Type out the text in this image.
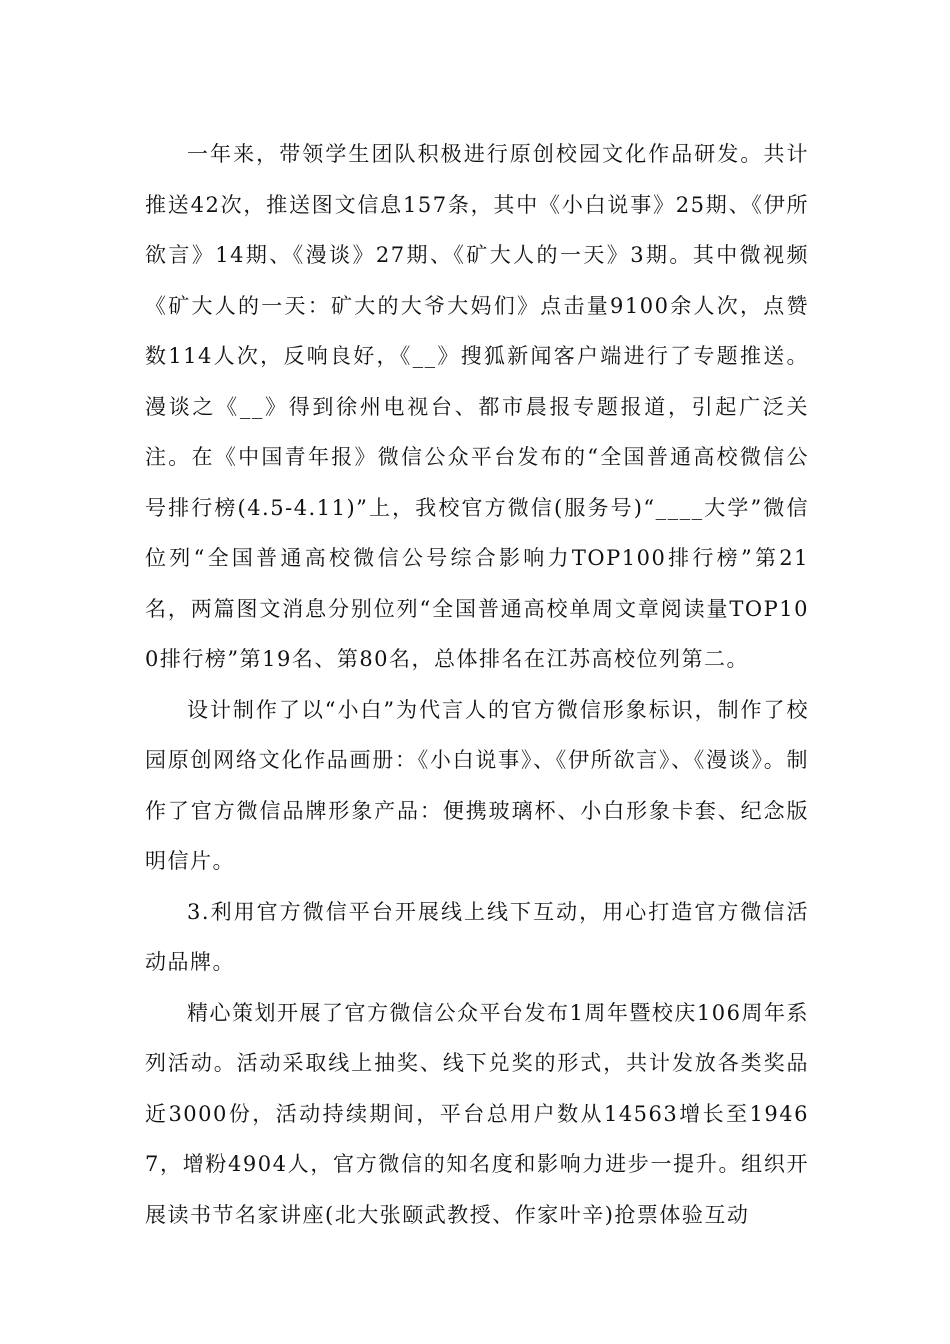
一年来，带领学生团队积极进行原创校园文化作品研发。共计推送42次，推送图文信息157条，其中《小白说事》25期、《伊所欲言》14期、《漫谈》27期、《矿大人的一天》3期。其中微视频《矿大人的一天：矿大的大爷大妈们》点击量9100余人次，点赞数114人次，反响良好，《__》搜狐新闻客户端进行了专题推送。漫谈之《__》得到徐州电视台、都市晨报专题报道，引起广泛关注。在《中国青年报》微信公众平台发布的“全国普通高校微信公号排行榜(4.5-4.11)”上，我校官方微信(服务号)“____大学”微信位列“全国普通高校微信公号综合影响力TOP100排行榜”第21名，两篇图文消息分别位列“全国普通高校单周文章阅读量TOP100排行榜”第19名、第80名，总体排名在江苏高校位列第二。

设计制作了以“小白”为代言人的官方微信形象标识，制作了校园原创网络文化作品画册：《小白说事》、《伊所欲言》、《漫谈》。制作了官方微信品牌形象产品：便携玻璃杯、小白形象卡套、纪念版明信片。

3.利用官方微信平台开展线上线下互动，用心打造官方微信活动品牌。

精心策划开展了官方微信公众平台发布1周年暨校庆106周年系列活动。活动采取线上抽奖、线下兑奖的形式，共计发放各类奖品近3000份，活动持续期间，平台总用户数从14563增长至19467，增粉4904人，官方微信的知名度和影响力进步一提升。组织开展读书节名家讲座(北大张颐武教授、作家叶辛)抢票体验互动
